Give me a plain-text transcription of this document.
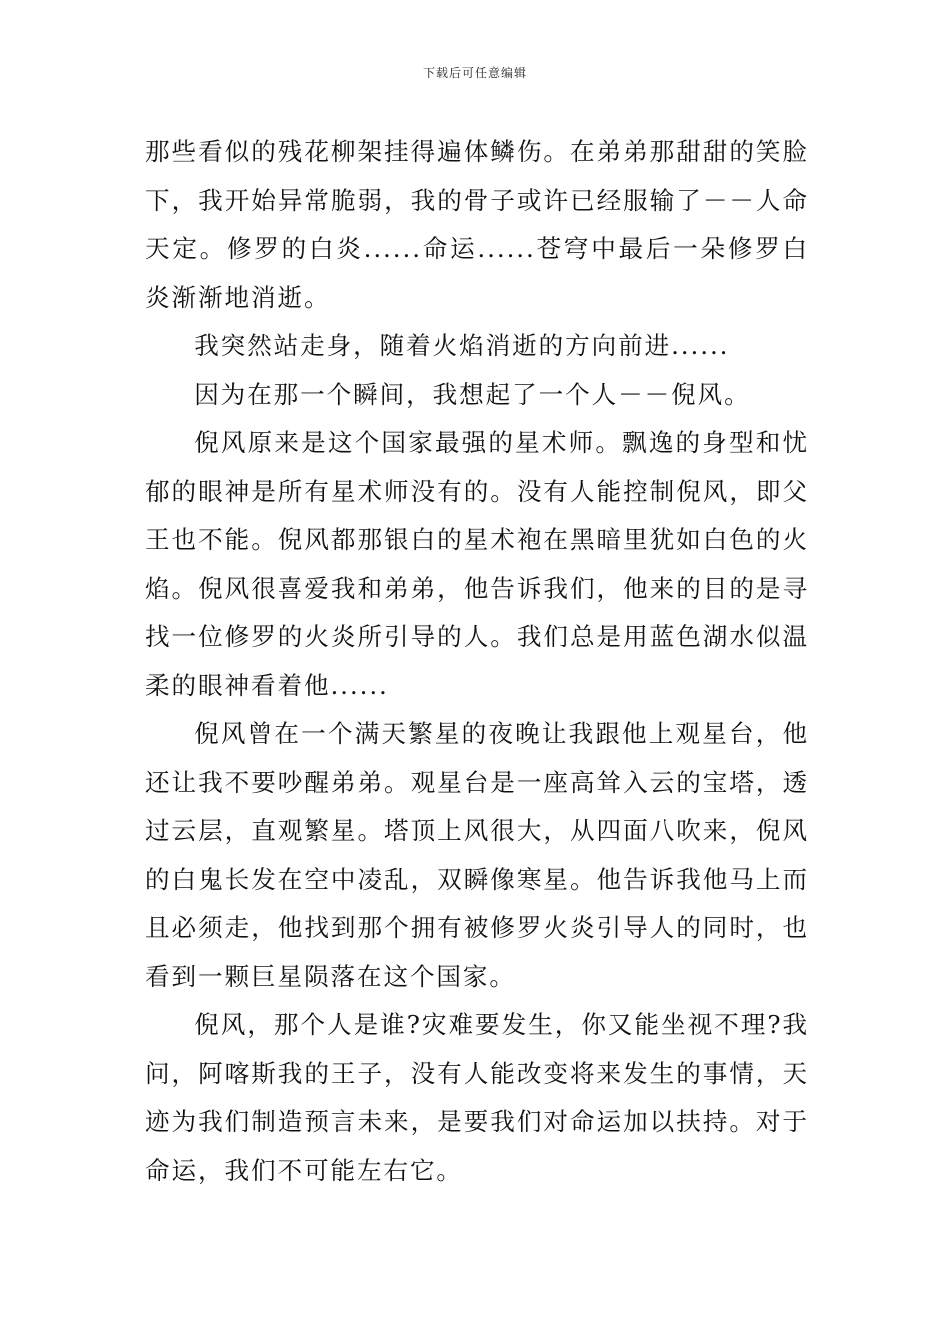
下载后可任意编辑

那些看似的残花柳架挂得遍体鳞伤。在弟弟那甜甜的笑脸下，我开始异常脆弱，我的骨子或许已经服输了－－人命天定。修罗的白炎......命运......苍穹中最后一朵修罗白炎渐渐地消逝。

我突然站走身，随着火焰消逝的方向前进......

因为在那一个瞬间，我想起了一个人－－倪风。

倪风原来是这个国家最强的星术师。飘逸的身型和忧郁的眼神是所有星术师没有的。没有人能控制倪风，即父王也不能。倪风都那银白的星术袍在黑暗里犹如白色的火焰。倪风很喜爱我和弟弟，他告诉我们，他来的目的是寻找一位修罗的火炎所引导的人。我们总是用蓝色湖水似温柔的眼神看着他......

倪风曾在一个满天繁星的夜晚让我跟他上观星台，他还让我不要吵醒弟弟。观星台是一座高耸入云的宝塔，透过云层，直观繁星。塔顶上风很大，从四面八吹来，倪风的白鬼长发在空中凌乱，双瞬像寒星。他告诉我他马上而且必须走，他找到那个拥有被修罗火炎引导人的同时，也看到一颗巨星陨落在这个国家。

倪风，那个人是谁?灾难要发生，你又能坐视不理?我问，阿喀斯我的王子，没有人能改变将来发生的事情，天迹为我们制造预言未来，是要我们对命运加以扶持。对于命运，我们不可能左右它。
